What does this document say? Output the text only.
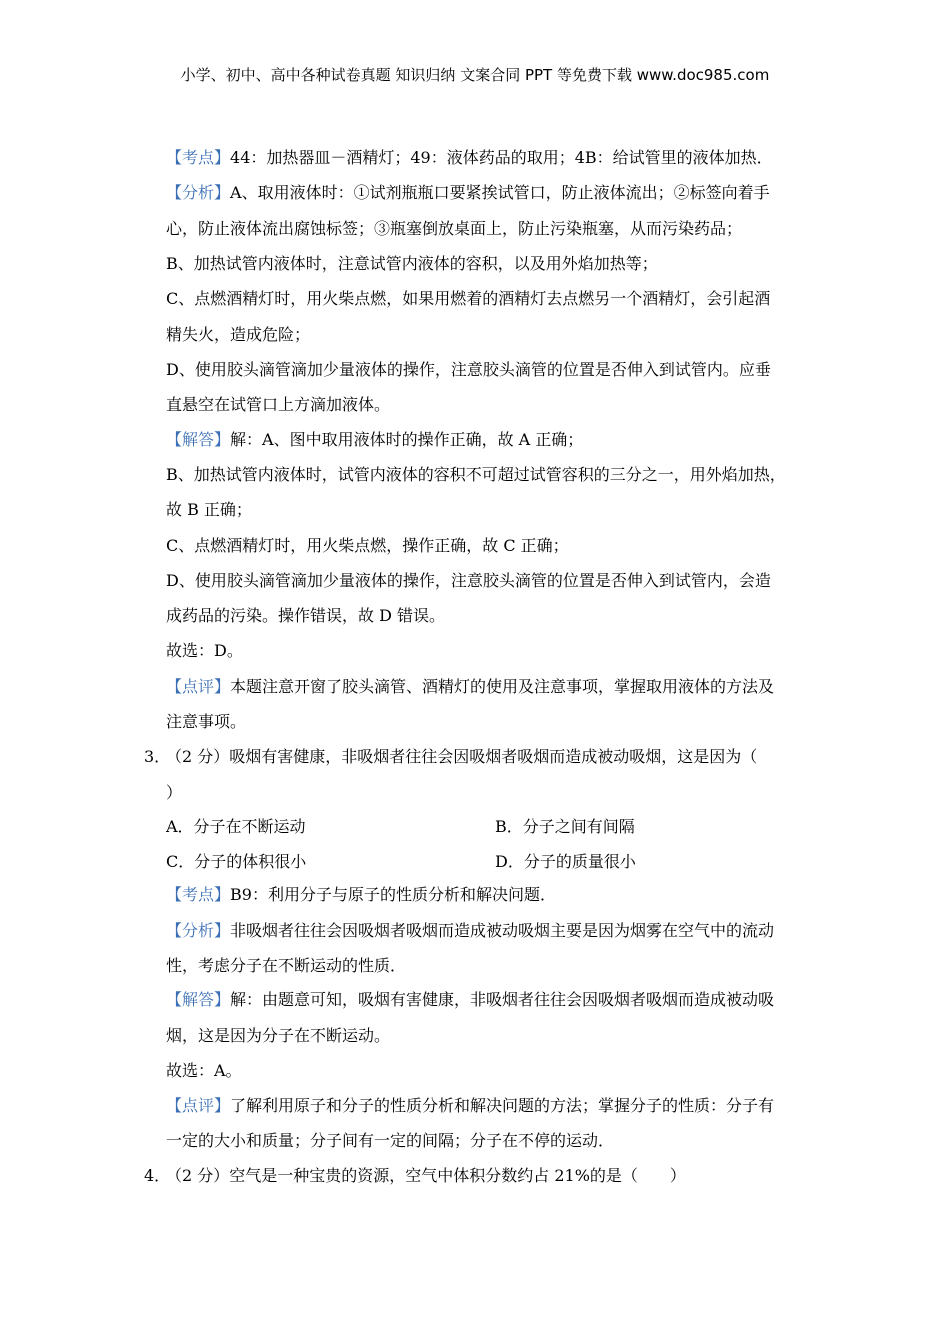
小学、初中、高中各种试卷真题 知识归纳 文案合同 PPT 等免费下载 www.doc985.com
【考点】44：加热器皿－酒精灯；49：液体药品的取用；4B：给试管里的液体加热．
【分析】A、取用液体时：①试剂瓶瓶口要紧挨试管口，防止液体流出；②标签向着手
心，防止液体流出腐蚀标签；③瓶塞倒放桌面上，防止污染瓶塞，从而污染药品；
B、加热试管内液体时，注意试管内液体的容积，以及用外焰加热等；
C、点燃酒精灯时，用火柴点燃，如果用燃着的酒精灯去点燃另一个酒精灯，会引起酒
精失火，造成危险；
D、使用胶头滴管滴加少量液体的操作，注意胶头滴管的位置是否伸入到试管内。应垂
直悬空在试管口上方滴加液体。
【解答】解：A、图中取用液体时的操作正确，故 A 正确；
B、加热试管内液体时，试管内液体的容积不可超过试管容积的三分之一，用外焰加热，
故 B 正确；
C、点燃酒精灯时，用火柴点燃，操作正确，故 C 正确；
D、使用胶头滴管滴加少量液体的操作，注意胶头滴管的位置是否伸入到试管内，会造
成药品的污染。操作错误，故 D 错误。
故选：D。
【点评】本题注意开窗了胶头滴管、酒精灯的使用及注意事项，掌握取用液体的方法及
注意事项。
3．
（2 分）吸烟有害健康，非吸烟者往往会因吸烟者吸烟而造成被动吸烟，这是因为（
）
A．分子在不断运动	B．分子之间有间隔
C．分子的体积很小	D．分子的质量很小
【考点】B9：利用分子与原子的性质分析和解决问题．
【分析】非吸烟者往往会因吸烟者吸烟而造成被动吸烟主要是因为烟雾在空气中的流动
性，考虑分子在不断运动的性质．
【解答】解：由题意可知，吸烟有害健康，非吸烟者往往会因吸烟者吸烟而造成被动吸
烟，这是因为分子在不断运动。
故选：A。
【点评】了解利用原子和分子的性质分析和解决问题的方法；掌握分子的性质：分子有
一定的大小和质量；分子间有一定的间隔；分子在不停的运动．
4．
（2 分）空气是一种宝贵的资源，空气中体积分数约占 21%的是（　　）
